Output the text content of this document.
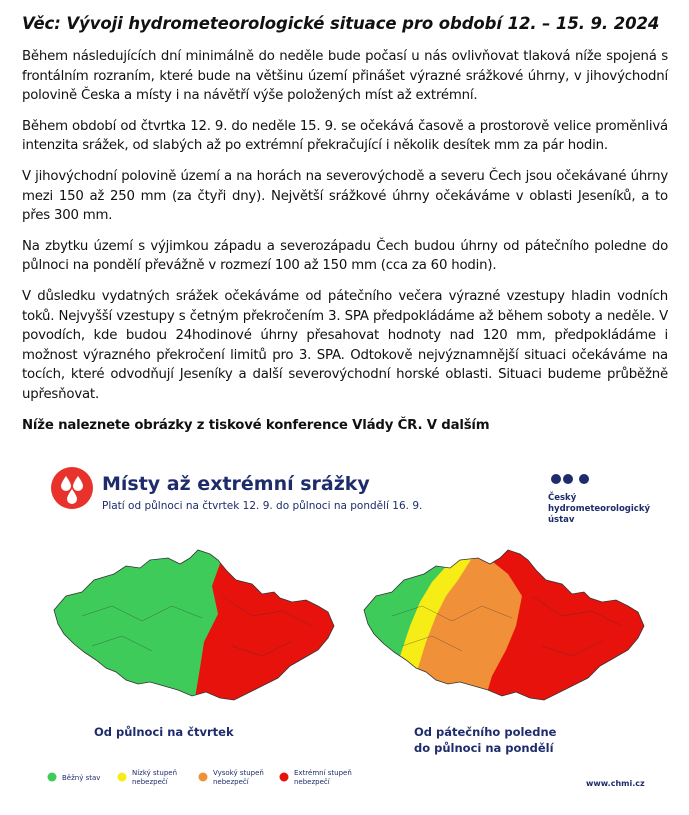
Věc: Vývoji hydrometeorologické situace pro období 12. – 15. 9. 2024

Během následujících dní minimálně do neděle bude počasí u nás ovlivňovat tlaková níže spojená s frontálním rozraním, které bude na většinu území přinášet výrazné srážkové úhrny, v jihovýchodní polovině Česka a místy i na návětří výše položených míst až extrémní.

Během období od čtvrtka 12. 9. do neděle 15. 9. se očekává časově a prostorově velice proměnlivá intenzita srážek, od slabých až po extrémní překračující i několik desítek mm za pár hodin.

V jihovýchodní polovině území a na horách na severovýchodě a severu Čech jsou očekávané úhrny mezi 150 až 250 mm (za čtyři dny). Největší srážkové úhrny očekáváme v oblasti Jeseníků, a to přes 300 mm.

Na zbytku území s výjimkou západu a severozápadu Čech budou úhrny od pátečního poledne do půlnoci na pondělí převážně v rozmezí 100 až 150 mm (cca za 60 hodin).

V důsledku vydatných srážek očekáváme od pátečního večera výrazné vzestupy hladin vodních toků. Nejvyšší vzestupy s četným překročením 3. SPA předpokládáme až během soboty a neděle. V povodích, kde budou 24hodinové úhrny přesahovat hodnoty nad 120 mm, předpokládáme i možnost výrazného překročení limitů pro 3. SPA. Odtokově nejvýznamnější situaci očekáváme na tocích, které odvodňují Jeseníky a další severovýchodní horské oblasti. Situaci budeme průběžně upřesňovat.

Níže naleznete obrázky z tiskové konference Vlády ČR. V dalším

Místy až extrémní srážky
Platí od půlnoci na čtvrtek 12. 9. do půlnoci na pondělí 16. 9.
Český
hydrometeorologický
ústav
Od půlnoci na čtvrtek	Od pátečního poledne
do půlnoci na pondělí
Běžný stav
Nízký stupeň
nebezpečí
Vysoký stupeň
nebezpečí
Extrémní stupeň
nebezpečí	www.chmi.cz
